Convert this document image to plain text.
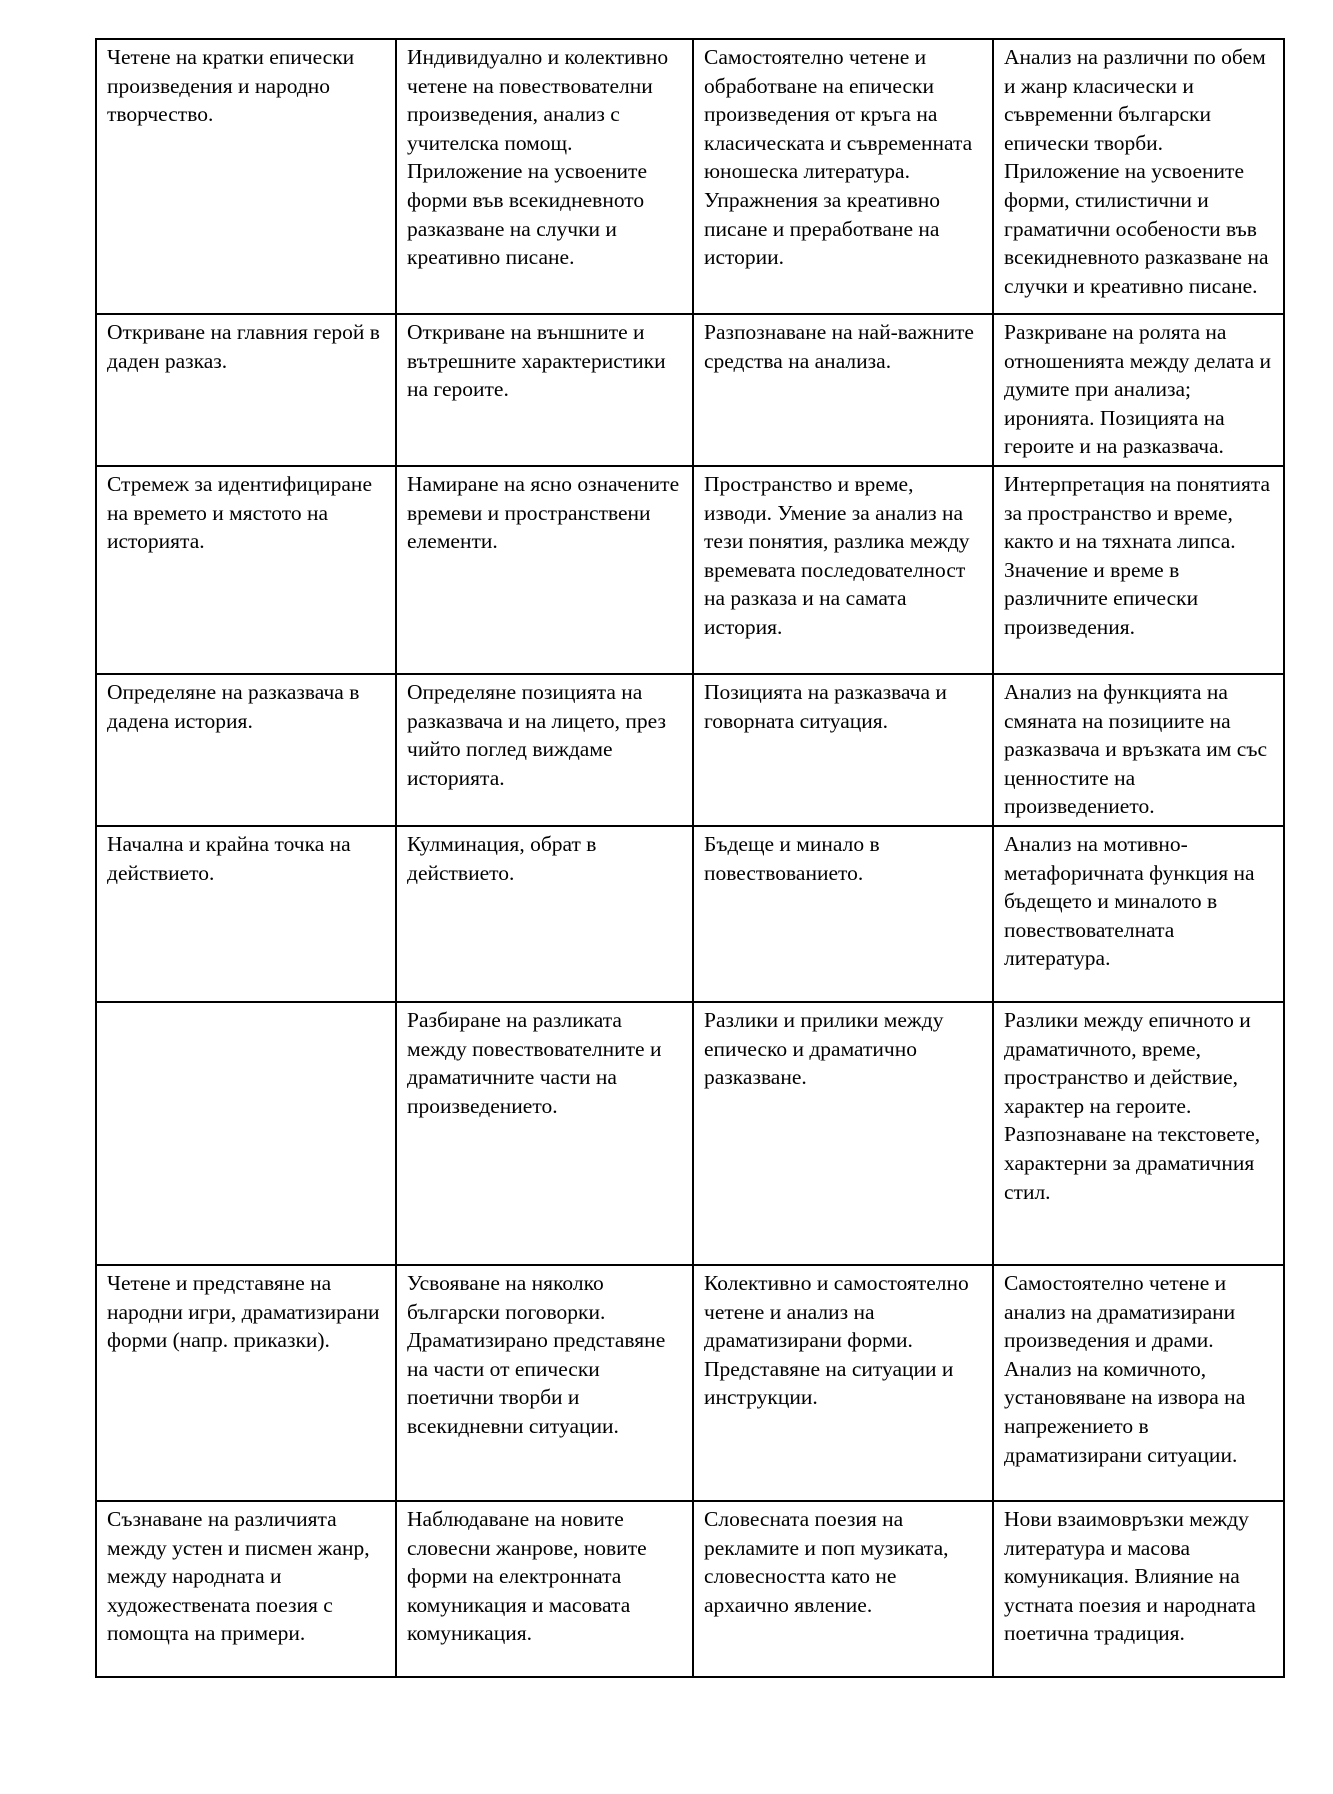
Четене на кратки епически произведения и народно творчество.	Индивидуално и колективно четене на повествователни произведения, анализ с учителска помощ. Приложение на усвоените форми във всекидневното разказване на случки и креативно писане.	Самостоятелно четене и обработване на епически произведения от кръга на класическата и съвременната юношеска литература. Упражнения за креативно писане и преработване на истории.	Анализ на различни по обем и жанр класически и съвременни български епически творби. Приложение на усвоените форми, стилистични и граматични особености във всекидневното разказване на случки и креативно писане.
Откриване на главния герой в даден разказ.	Откриване на външните и вътрешните характеристики на героите.	Разпознаване на най-важните средства на анализа.	Разкриване на ролята на отношенията между делата и думите при анализа; иронията. Позицията на героите и на разказвача.
Стремеж за идентифициране на времето и мястото на историята.	Намиране на ясно означените времеви и пространствени елементи.	Пространство и време, изводи. Умение за анализ на тези понятия, разлика между времевата последователност на разказа и на самата история.	Интерпретация на понятията за пространство и време, както и на тяхната липса. Значение и време в различните епически произведения.
Определяне на разказвача в дадена история.	Определяне позицията на разказвача и на лицето, през чийто поглед виждаме историята.	Позицията на разказвача и говорната ситуация.	Анализ на функцията на смяната на позициите на разказвача и връзката им със ценностите на произведението.
Начална и крайна точка на действието.	Кулминация, обрат в действието.	Бъдеще и минало в повествованието.	Анализ на мотивно-метафоричната функция на бъдещето и миналото в повествователната литература.
	Разбиране на разликата между повествователните и драматичните части на произведението.	Разлики и прилики между епическо и драматично разказване.	Разлики между епичното и драматичното, време, пространство и действие, характер на героите. Разпознаване на текстовете, характерни за драматичния стил.
Четене и представяне на народни игри, драматизирани форми (напр. приказки).	Усвояване на няколко български поговорки. Драматизирано представяне на части от епически поетични творби и всекидневни ситуации.	Колективно и самостоятелно четене и анализ на драматизирани форми. Представяне на ситуации и инструкции.	Самостоятелно четене и анализ на драматизирани произведения и драми. Анализ на комичното, установяване на извора на напрежението в драматизирани ситуации.
Съзнаване на различията между устен и писмен жанр, между народната и художествената поезия с помощта на примери.	Наблюдаване на новите словесни жанрове, новите форми на електронната комуникация и масовата комуникация.	Словесната поезия на рекламите и поп музиката, словесността като не архаично явление.	Нови взаимовръзки между литература и масова комуникация. Влияние на устната поезия и народната поетична традиция.
